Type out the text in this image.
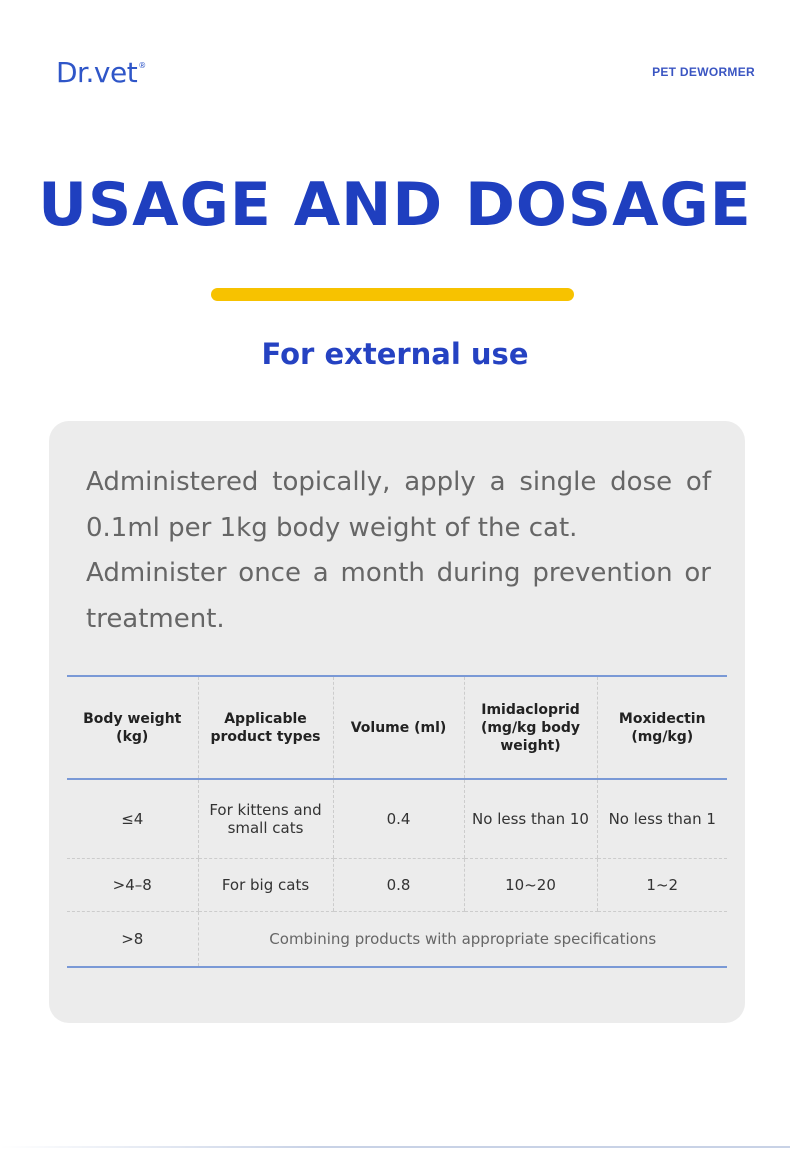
Dr.vet®	PET DEWORMER
USAGE AND DOSAGE
For external use

Administered topically, apply a single dose of 0.1ml per 1kg body weight of the cat.

Administer once a month during prevention or treatment.

Body weight (kg)	Applicable product types	Volume (ml)	Imidacloprid (mg/kg body weight)	Moxidectin (mg/kg)
≤4	For kittens and small cats	0.4	No less than 10	No less than 1
>4–8	For big cats	0.8	10~20	1~2
>8	Combining products with appropriate specifications			
